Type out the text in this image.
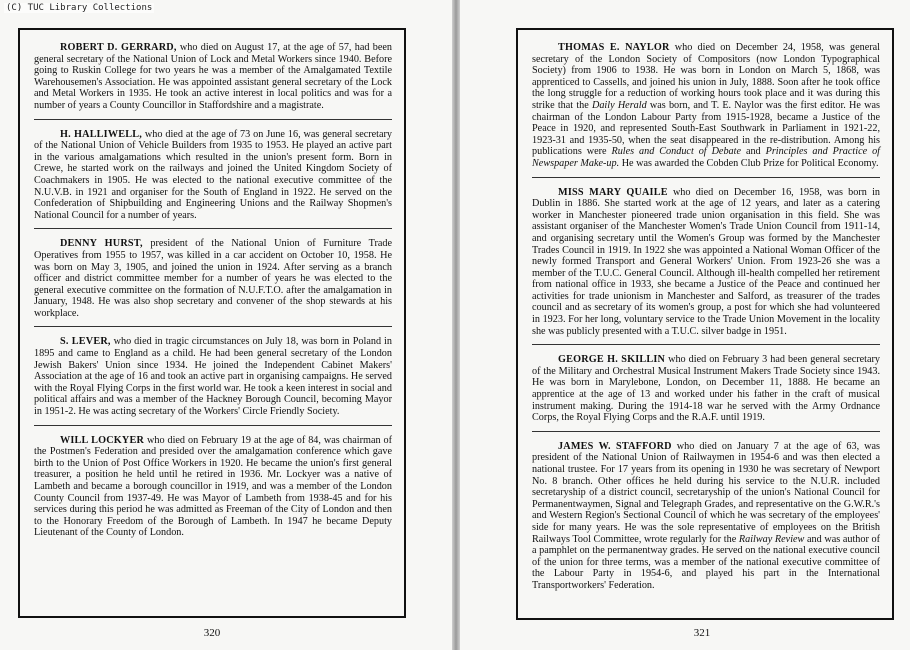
(C) TUC Library Collections

ROBERT D. GERRARD, who died on August 17, at the age of 57, had been general secretary of the National Union of Lock and Metal Workers since 1940. Before going to Ruskin College for two years he was a member of the Amalgamated Textile Warehousemen's Association. He was appointed assistant general secretary of the Lock and Metal Workers in 1935. He took an active interest in local politics and was for a number of years a County Councillor in Staffordshire and a magistrate.

H. HALLIWELL, who died at the age of 73 on June 16, was general secretary of the National Union of Vehicle Builders from 1935 to 1953. He played an active part in the various amalgamations which resulted in the union's present form. Born in Crewe, he started work on the railways and joined the United Kingdom Society of Coachmakers in 1905. He was elected to the national executive committee of the N.U.V.B. in 1921 and organiser for the South of England in 1922. He served on the Confederation of Shipbuilding and Engineering Unions and the Railway Shopmen's National Council for a number of years.

DENNY HURST, president of the National Union of Furniture Trade Operatives from 1955 to 1957, was killed in a car accident on October 10, 1958. He was born on May 3, 1905, and joined the union in 1924. After serving as a branch officer and district committee member for a number of years he was elected to the general executive committee on the formation of N.U.F.T.O. after the amalgamation in January, 1948. He was also shop secretary and convener of the shop stewards at his workplace.

S. LEVER, who died in tragic circumstances on July 18, was born in Poland in 1895 and came to England as a child. He had been general secretary of the London Jewish Bakers' Union since 1934. He joined the Independent Cabinet Makers' Association at the age of 16 and took an active part in organising campaigns. He served with the Royal Flying Corps in the first world war. He took a keen interest in social and political affairs and was a member of the Hackney Borough Council, becoming Mayor in 1951-2. He was acting secretary of the Workers' Circle Friendly Society.

WILL LOCKYER who died on February 19 at the age of 84, was chairman of the Postmen's Federation and presided over the amalgamation conference which gave birth to the Union of Post Office Workers in 1920. He became the union's first general treasurer, a position he held until he retired in 1936. Mr. Lockyer was a native of Lambeth and became a borough councillor in 1919, and was a member of the London County Council from 1937-49. He was Mayor of Lambeth from 1938-45 and for his services during this period he was admitted as Freeman of the City of London and then to the Honorary Freedom of the Borough of Lambeth. In 1947 he became Deputy Lieutenant of the County of London.

320

THOMAS E. NAYLOR who died on December 24, 1958, was general secretary of the London Society of Compositors (now London Typographical Society) from 1906 to 1938. He was born in London on March 5, 1868, was apprenticed to Cassells, and joined his union in July, 1888. Soon after he took office the long struggle for a reduction of working hours took place and it was during this strike that the Daily Herald was born, and T. E. Naylor was the first editor. He was chairman of the London Labour Party from 1915-1928, became a Justice of the Peace in 1920, and represented South-East Southwark in Parliament in 1921-22, 1923-31 and 1935-50, when the seat disappeared in the re-distribution. Among his publications were Rules and Conduct of Debate and Principles and Practice of Newspaper Make-up. He was awarded the Cobden Club Prize for Political Economy.

MISS MARY QUAILE who died on December 16, 1958, was born in Dublin in 1886. She started work at the age of 12 years, and later as a catering worker in Manchester pioneered trade union organisation in this field. She was assistant organiser of the Manchester Women's Trade Union Council from 1911-14, and organising secretary until the Women's Group was formed by the Manchester Trades Council in 1919. In 1922 she was appointed a National Woman Officer of the newly formed Transport and General Workers' Union. From 1923-26 she was a member of the T.U.C. General Council. Although ill-health compelled her retirement from national office in 1933, she became a Justice of the Peace and continued her activities for trade unionism in Manchester and Salford, as treasurer of the trades council and as secretary of its women's group, a post for which she had volunteered in 1923. For her long, voluntary service to the Trade Union Movement in the locality she was publicly presented with a T.U.C. silver badge in 1951.

GEORGE H. SKILLIN who died on February 3 had been general secretary of the Military and Orchestral Musical Instrument Makers Trade Society since 1943. He was born in Marylebone, London, on December 11, 1888. He became an apprentice at the age of 13 and worked under his father in the craft of musical instrument making. During the 1914-18 war he served with the Army Ordnance Corps, the Royal Flying Corps and the R.A.F. until 1919.

JAMES W. STAFFORD who died on January 7 at the age of 63, was president of the National Union of Railwaymen in 1954-6 and was then elected a national trustee. For 17 years from its opening in 1930 he was secretary of Newport No. 8 branch. Other offices he held during his service to the N.U.R. included secretaryship of a district council, secretaryship of the union's National Council for Permanentwaymen, Signal and Telegraph Grades, and representative on the G.W.R.'s and Western Region's Sectional Council of which he was secretary of the employees' side for many years. He was the sole representative of employees on the British Railways Tool Committee, wrote regularly for the Railway Review and was author of a pamphlet on the permanentway grades. He served on the national executive council of the union for three terms, was a member of the national executive committee of the Labour Party in 1954-6, and played his part in the International Transportworkers' Federation.

321
